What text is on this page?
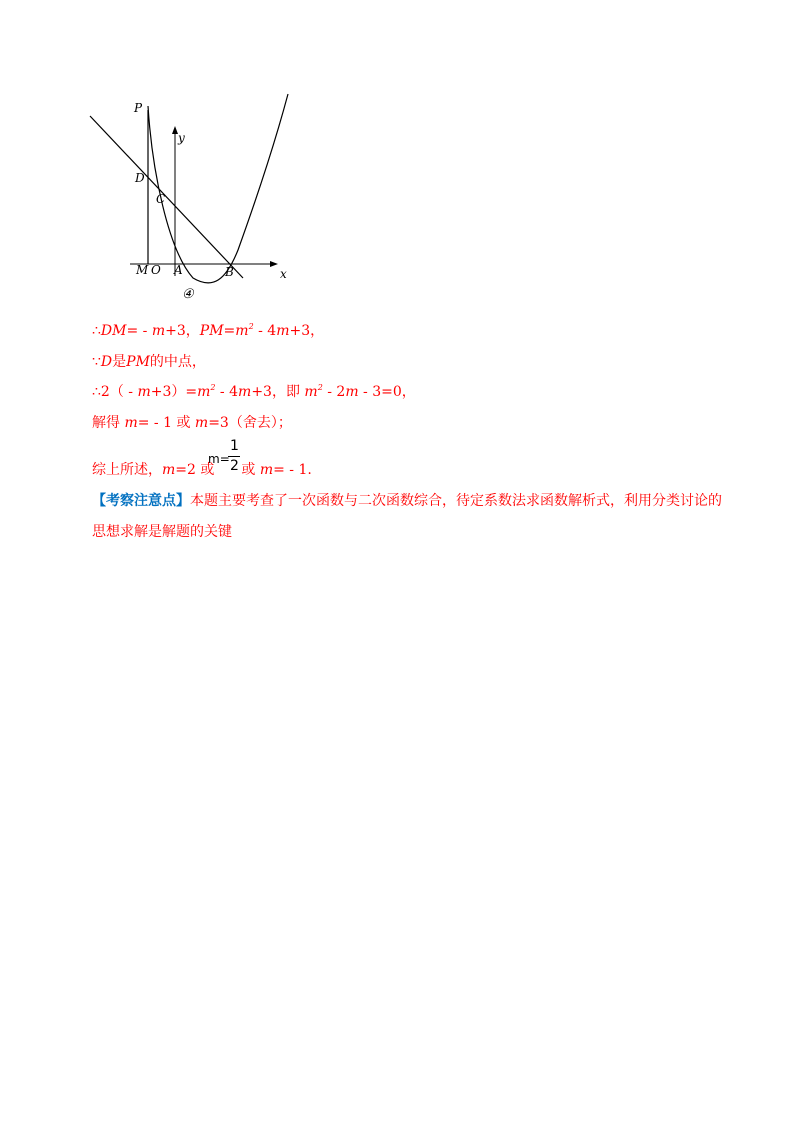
P
y
D
C
M O A	B	x
④
∴DM= - m+3，$PM=m^2 - 4m+3$，
∵D是PM的中点，
∴2（ - $m+3)=m^2 - 4m+3$，即 $m^2 - 2m - 3=0$，
解得 m= - 1 或 m=3（舍去）；
m=
1
2
综上所述，m=2 或 或 m= - 1.
【考察注意点】本题主要考查了一次函数与二次函数综合，待定系数法求函数解析式，利用分类讨论的
思想求解是解题的关键
